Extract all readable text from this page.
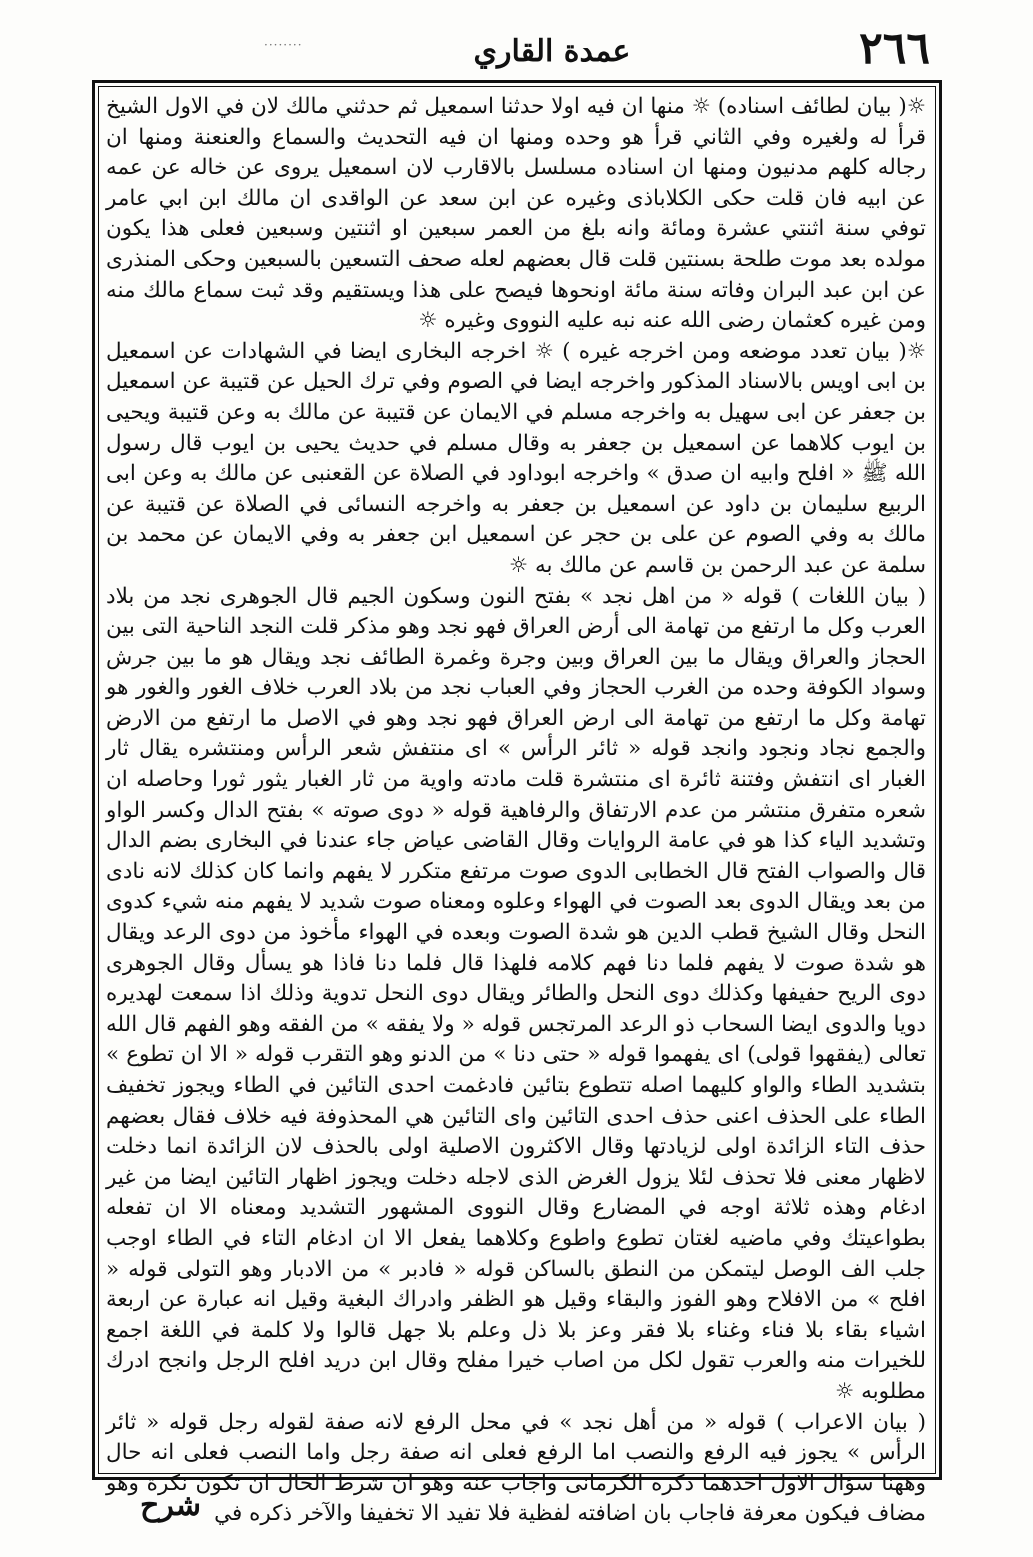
········	عمدة القاري	٢٦٦

☼( بيان لطائف اسناده) ☼ منها ان فيه اولا حدثنا اسمعيل ثم حدثني مالك لان في الاول الشيخ قرأ له ولغيره وفي الثاني قرأ هو وحده ومنها ان فيه التحديث والسماع والعنعنة ومنها ان رجاله كلهم مدنيون ومنها ان اسناده مسلسل بالاقارب لان اسمعيل يروى عن خاله عن عمه عن ابيه فان قلت حكى الكلاباذى وغيره عن ابن سعد عن الواقدى ان مالك ابن ابي عامر توفي سنة اثنتي عشرة ومائة وانه بلغ من العمر سبعين او اثنتين وسبعين فعلى هذا يكون مولده بعد موت طلحة بسنتين قلت قال بعضهم لعله صحف التسعين بالسبعين وحكى المنذرى عن ابن عبد البران وفاته سنة مائة اونحوها فيصح على هذا ويستقيم وقد ثبت سماع مالك منه ومن غيره كعثمان رضى الله عنه نبه عليه النووى وغيره ☼

☼( بيان تعدد موضعه ومن اخرجه غيره ) ☼ اخرجه البخارى ايضا في الشهادات عن اسمعيل بن ابى اويس بالاسناد المذكور واخرجه ايضا في الصوم وفي ترك الحيل عن قتيبة عن اسمعيل بن جعفر عن ابى سهيل به واخرجه مسلم في الايمان عن قتيبة عن مالك به وعن قتيبة ويحيى بن ايوب كلاهما عن اسمعيل بن جعفر به وقال مسلم في حديث يحيى بن ايوب قال رسول الله ﷺ « افلح وابيه ان صدق » واخرجه ابوداود في الصلاة عن القعنبى عن مالك به وعن ابى الربيع سليمان بن داود عن اسمعيل بن جعفر به واخرجه النسائى في الصلاة عن قتيبة عن مالك به وفي الصوم عن على بن حجر عن اسمعيل ابن جعفر به وفي الايمان عن محمد بن سلمة عن عبد الرحمن بن قاسم عن مالك به ☼

( بيان اللغات ) قوله « من اهل نجد » بفتح النون وسكون الجيم قال الجوهرى نجد من بلاد العرب وكل ما ارتفع من تهامة الى أرض العراق فهو نجد وهو مذكر قلت النجد الناحية التى بين الحجاز والعراق ويقال ما بين العراق وبين وجرة وغمرة الطائف نجد ويقال هو ما بين جرش وسواد الكوفة وحده من الغرب الحجاز وفي العباب نجد من بلاد العرب خلاف الغور والغور هو تهامة وكل ما ارتفع من تهامة الى ارض العراق فهو نجد وهو في الاصل ما ارتفع من الارض والجمع نجاد ونجود وانجد قوله « ثائر الرأس » اى منتفش شعر الرأس ومنتشره يقال ثار الغبار اى انتفش وفتنة ثائرة اى منتشرة قلت مادته واوية من ثار الغبار يثور ثورا وحاصله ان شعره متفرق منتشر من عدم الارتفاق والرفاهية قوله « دوى صوته » بفتح الدال وكسر الواو وتشديد الياء كذا هو في عامة الروايات وقال القاضى عياض جاء عندنا في البخارى بضم الدال قال والصواب الفتح قال الخطابى الدوى صوت مرتفع متكرر لا يفهم وانما كان كذلك لانه نادى من بعد ويقال الدوى بعد الصوت في الهواء وعلوه ومعناه صوت شديد لا يفهم منه شيء كدوى النحل وقال الشيخ قطب الدين هو شدة الصوت وبعده في الهواء مأخوذ من دوى الرعد ويقال هو شدة صوت لا يفهم فلما دنا فهم كلامه فلهذا قال فلما دنا فاذا هو يسأل وقال الجوهرى دوى الريح حفيفها وكذلك دوى النحل والطائر ويقال دوى النحل تدوية وذلك اذا سمعت لهديره دويا والدوى ايضا السحاب ذو الرعد المرتجس قوله « ولا يفقه » من الفقه وهو الفهم قال الله تعالى (يفقهوا قولى) اى يفهموا قوله « حتى دنا » من الدنو وهو التقرب قوله « الا ان تطوع » بتشديد الطاء والواو كليهما اصله تتطوع بتائين فادغمت احدى التائين في الطاء ويجوز تخفيف الطاء على الحذف اعنى حذف احدى التائين واى التائين هي المحذوفة فيه خلاف فقال بعضهم حذف التاء الزائدة اولى لزيادتها وقال الاكثرون الاصلية اولى بالحذف لان الزائدة انما دخلت لاظهار معنى فلا تحذف لئلا يزول الغرض الذى لاجله دخلت ويجوز اظهار التائين ايضا من غير ادغام وهذه ثلاثة اوجه في المضارع وقال النووى المشهور التشديد ومعناه الا ان تفعله بطواعيتك وفي ماضيه لغتان تطوع واطوع وكلاهما يفعل الا ان ادغام التاء في الطاء اوجب جلب الف الوصل ليتمكن من النطق بالساكن قوله « فادبر » من الادبار وهو التولى قوله « افلح » من الافلاح وهو الفوز والبقاء وقيل هو الظفر وادراك البغية وقيل انه عبارة عن اربعة اشياء بقاء بلا فناء وغناء بلا فقر وعز بلا ذل وعلم بلا جهل قالوا ولا كلمة في اللغة اجمع للخيرات منه والعرب تقول لكل من اصاب خيرا مفلح وقال ابن دريد افلح الرجل وانجح ادرك مطلوبه ☼

( بيان الاعراب ) قوله « من أهل نجد » في محل الرفع لانه صفة لقوله رجل قوله « ثائر الرأس » يجوز فيه الرفع والنصب اما الرفع فعلى انه صفة رجل واما النصب فعلى انه حال وههنا سؤال الاول احدهما ذكره الكرمانى واجاب عنه وهو ان شرط الحال ان تكون نكرة وهو مضاف فيكون معرفة فاجاب بان اضافته لفظية فلا تفيد الا تخفيفا والآخر ذكره في

شرح
